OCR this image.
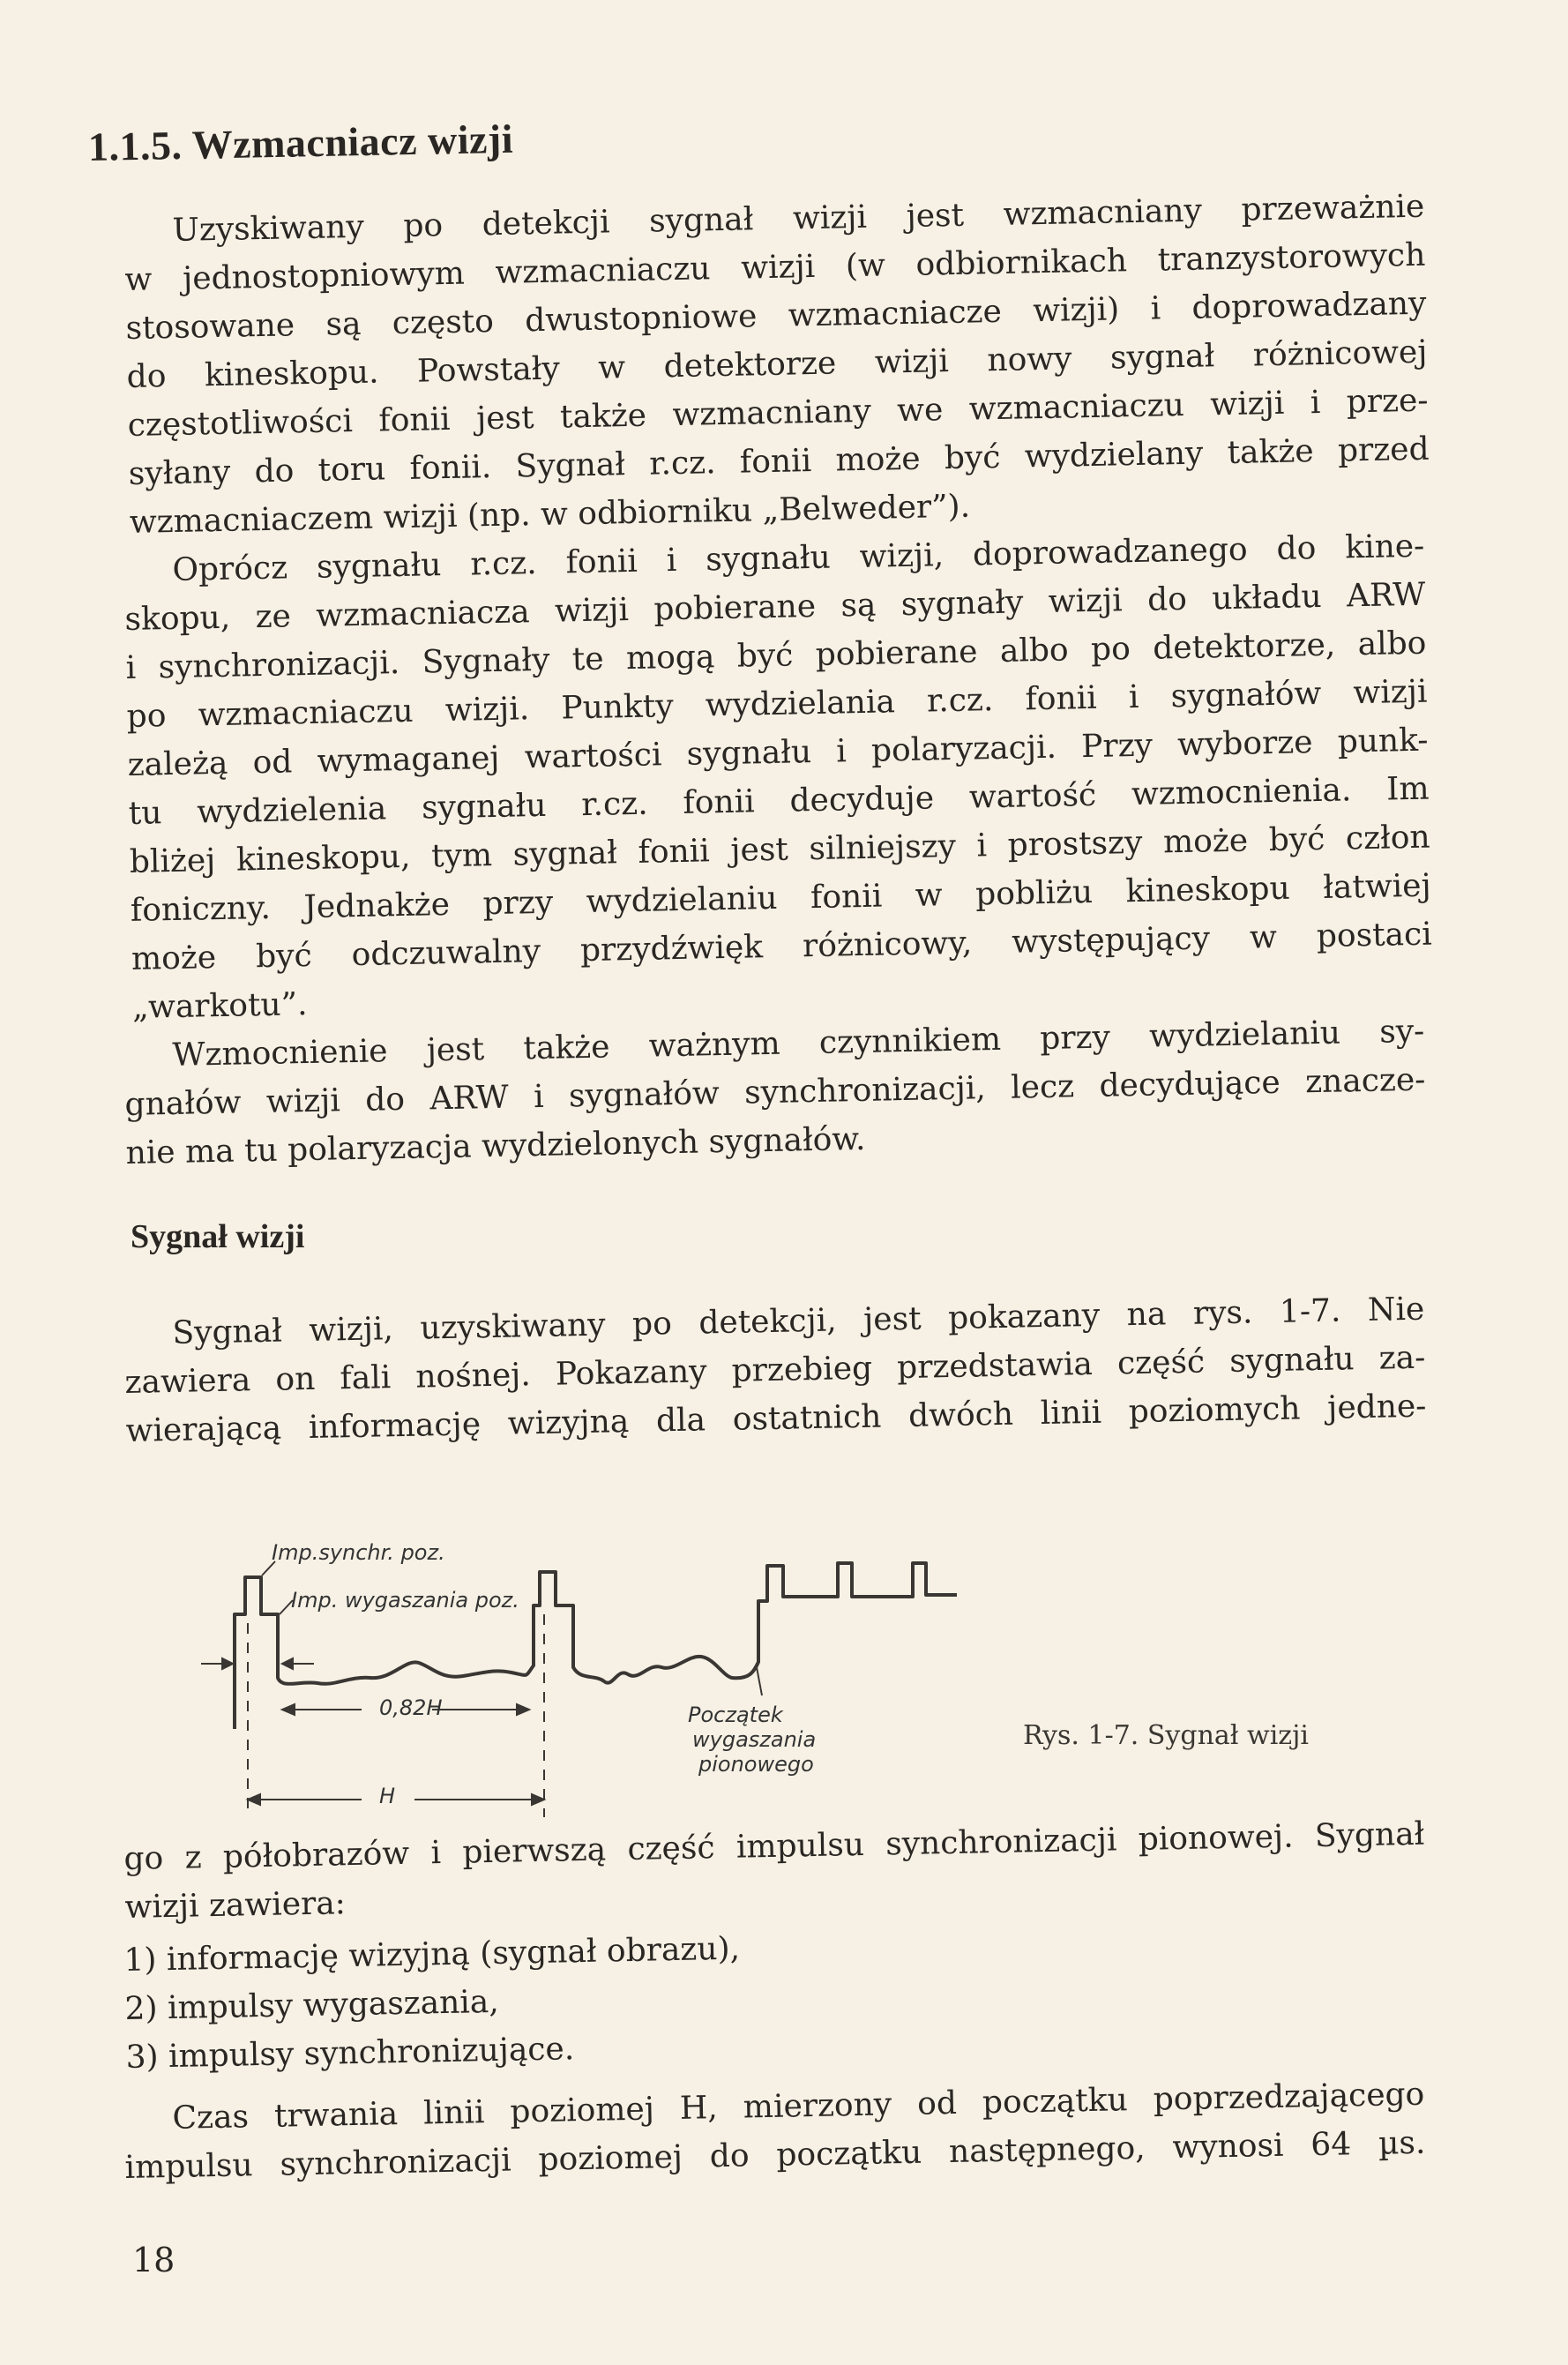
1.1.5. Wzmacniacz wizji
Uzyskiwany po detekcji sygnał wizji jest wzmacniany przeważnie
w jednostopniowym wzmacniaczu wizji (w odbiornikach tranzystorowych
stosowane są często dwustopniowe wzmacniacze wizji) i doprowadzany
do kineskopu. Powstały w detektorze wizji nowy sygnał różnicowej
częstotliwości fonii jest także wzmacniany we wzmacniaczu wizji i prze-
syłany do toru fonii. Sygnał r.cz. fonii może być wydzielany także przed
wzmacniaczem wizji (np. w odbiorniku „Belweder”).
Oprócz sygnału r.cz. fonii i sygnału wizji, doprowadzanego do kine-
skopu, ze wzmacniacza wizji pobierane są sygnały wizji do układu ARW
i synchronizacji. Sygnały te mogą być pobierane albo po detektorze, albo
po wzmacniaczu wizji. Punkty wydzielania r.cz. fonii i sygnałów wizji
zależą od wymaganej wartości sygnału i polaryzacji. Przy wyborze punk-
tu wydzielenia sygnału r.cz. fonii decyduje wartość wzmocnienia. Im
bliżej kineskopu, tym sygnał fonii jest silniejszy i prostszy może być człon
foniczny. Jednakże przy wydzielaniu fonii w pobliżu kineskopu łatwiej
może być odczuwalny przydźwięk różnicowy, występujący w postaci
„warkotu”.
Wzmocnienie jest także ważnym czynnikiem przy wydzielaniu sy-
gnałów wizji do ARW i sygnałów synchronizacji, lecz decydujące znacze-
nie ma tu polaryzacja wydzielonych sygnałów.
Sygnał wizji
Sygnał wizji, uzyskiwany po detekcji, jest pokazany na rys. 1-7. Nie
zawiera on fali nośnej. Pokazany przebieg przedstawia część sygnału za-
wierającą informację wizyjną dla ostatnich dwóch linii poziomych jedne-
Imp.synchr. poz.
Imp. wygaszania poz.
0,82H
H
Początek
wygaszania
pionowego
Rys. 1-7. Sygnał wizji
go z półobrazów i pierwszą część impulsu synchronizacji pionowej. Sygnał
wizji zawiera:
1) informację wizyjną (sygnał obrazu),
2) impulsy wygaszania,
3) impulsy synchronizujące.
Czas trwania linii poziomej H, mierzony od początku poprzedzającego
impulsu synchronizacji poziomej do początku następnego, wynosi 64 µs.
18
